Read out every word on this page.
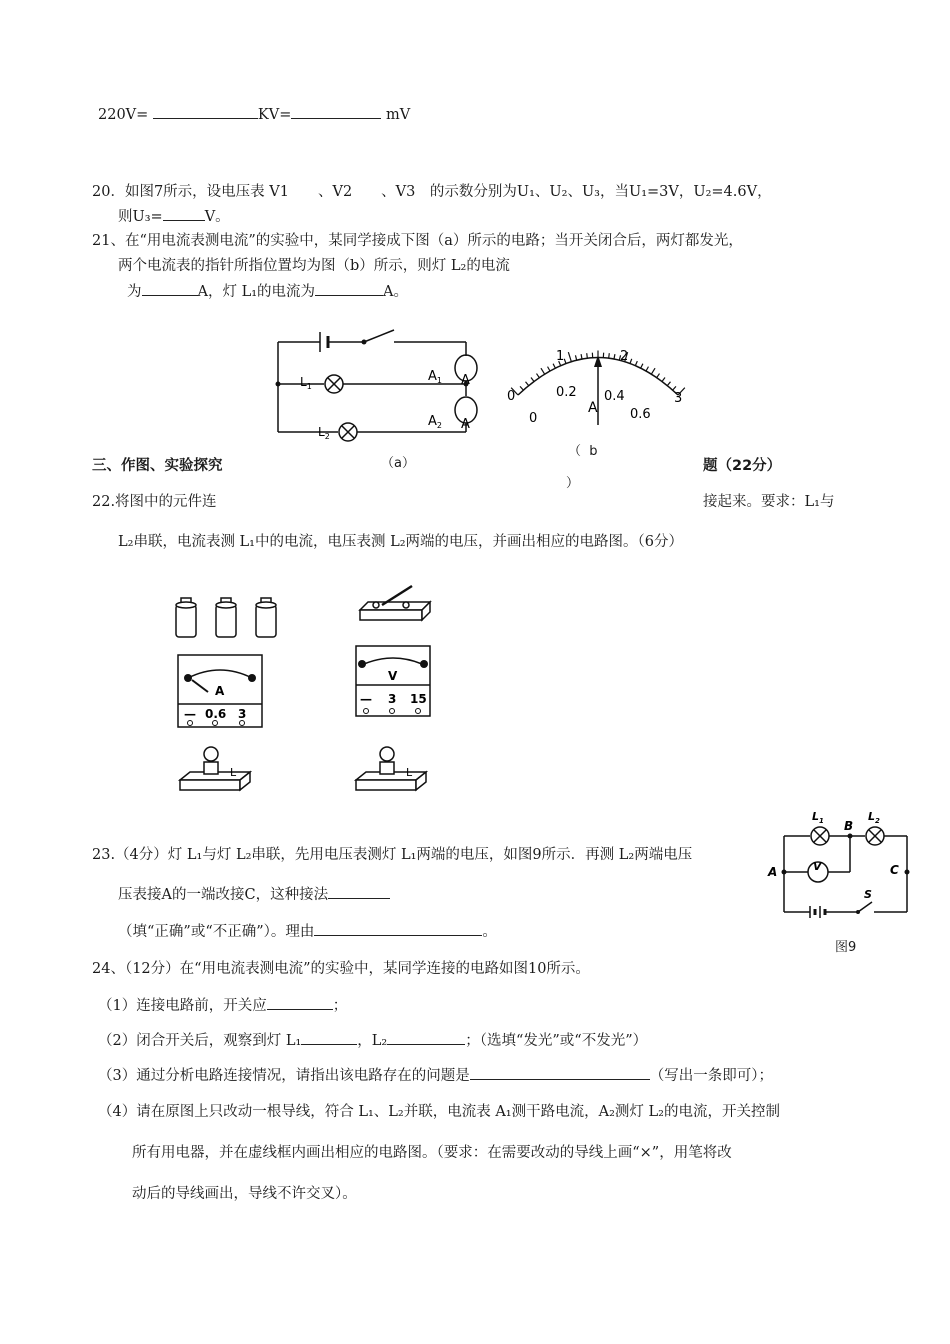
220V=	KV=	mV
20．如图7所示，设电压表 V1　　、V2　　、V3　的示数分别为U₁、U₂、U₃，当U₁=3V，U₂=4.6V，
则U₃=	V。
21、在“用电流表测电流”的实验中，某同学接成下图（a）所示的电路；当开关闭合后，两灯都发光，
两个电流表的指针所指位置均为图（b）所示，则灯 L₂的电流
为	A，灯 L₁的电流为	A。
$L_1$
$L_2$
$A_1$
$A_2$
A
A
（a）
0
1	2
3
0
0.2 0.4
0.6
A
（ b
）
三、作图、实验探究	题（22分）
22.将图中的元件连	接起来。要求：L₁与
L₂串联，电流表测 L₁中的电流，电压表测 L₂两端的电压，并画出相应的电路图。（6分）
A
— 0.6 3
V
— 3 15
L	L
23.（4分）灯 L₁与灯 L₂串联，先用电压表测灯 L₁两端的电压，如图9所示．再测 L₂两端电压
压表接A的一端改接C，这种接法
（填“正确”或“不正确”）。理由	。
V
$L_1$	$L_2$
B
A	C
S
图9
24、（12分）在“用电流表测电流”的实验中，某同学连接的电路如图10所示。
（1）连接电路前，开关应	；
（2）闭合开关后，观察到灯 L₁	，L₂	；（选填“发光”或“不发光”）
（3）通过分析电路连接情况，请指出该电路存在的问题是	（写出一条即可）；
（4）请在原图上只改动一根导线，符合 L₁、L₂并联，电流表 A₁测干路电流，A₂测灯 L₂的电流，开关控制
所有用电器，并在虚线框内画出相应的电路图。（要求：在需要改动的导线上画“×”，用笔将改
动后的导线画出，导线不许交叉）。
